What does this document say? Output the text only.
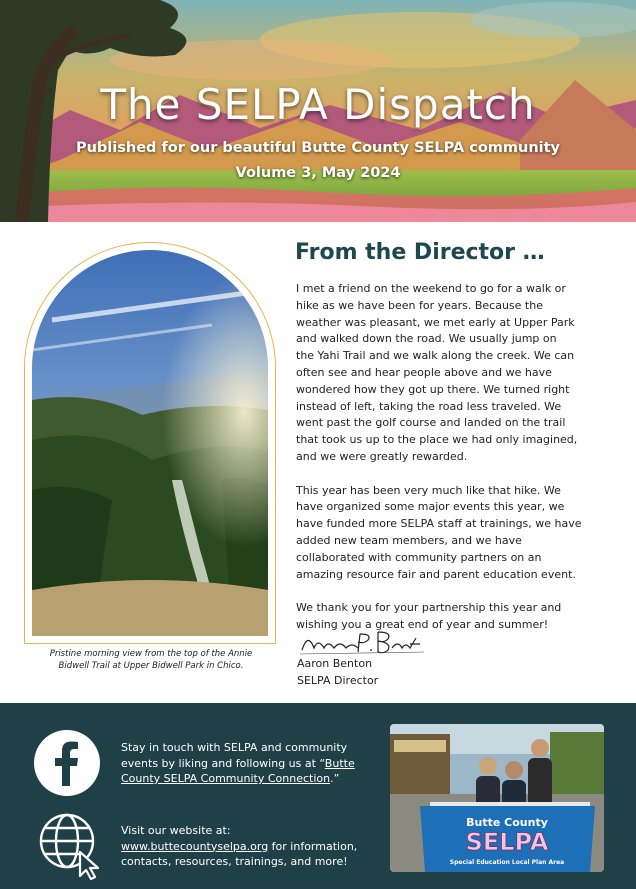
The SELPA Dispatch
Published for our beautiful Butte County SELPA community
Volume 3, May 2024
Pristine morning view from the top of the Annie
Bidwell Trail at Upper Bidwell Park in Chico.
From the Director …

I met a friend on the weekend to go for a walk or
hike as we have been for years. Because the
weather was pleasant, we met early at Upper Park
and walked down the road. We usually jump on
the Yahi Trail and we walk along the creek. We can
often see and hear people above and we have
wondered how they got up there. We turned right
instead of left, taking the road less traveled. We
went past the golf course and landed on the trail
that took us up to the place we had only imagined,
and we were greatly rewarded.

This year has been very much like that hike. We
have organized some major events this year, we
have funded more SELPA staff at trainings, we have
added new team members, and we have
collaborated with community partners on an
amazing resource fair and parent education event.

We thank you for your partnership this year and
wishing you a great end of year and summer!

Aaron Benton
SELPA Director
Stay in touch with SELPA and community
events by liking and following us at “Butte
County SELPA Community Connection.”
Visit our website at:
www.buttecountyselpa.org for information,
contacts, resources, trainings, and more!
Butte County
SELPA
Special Education Local Plan Area
